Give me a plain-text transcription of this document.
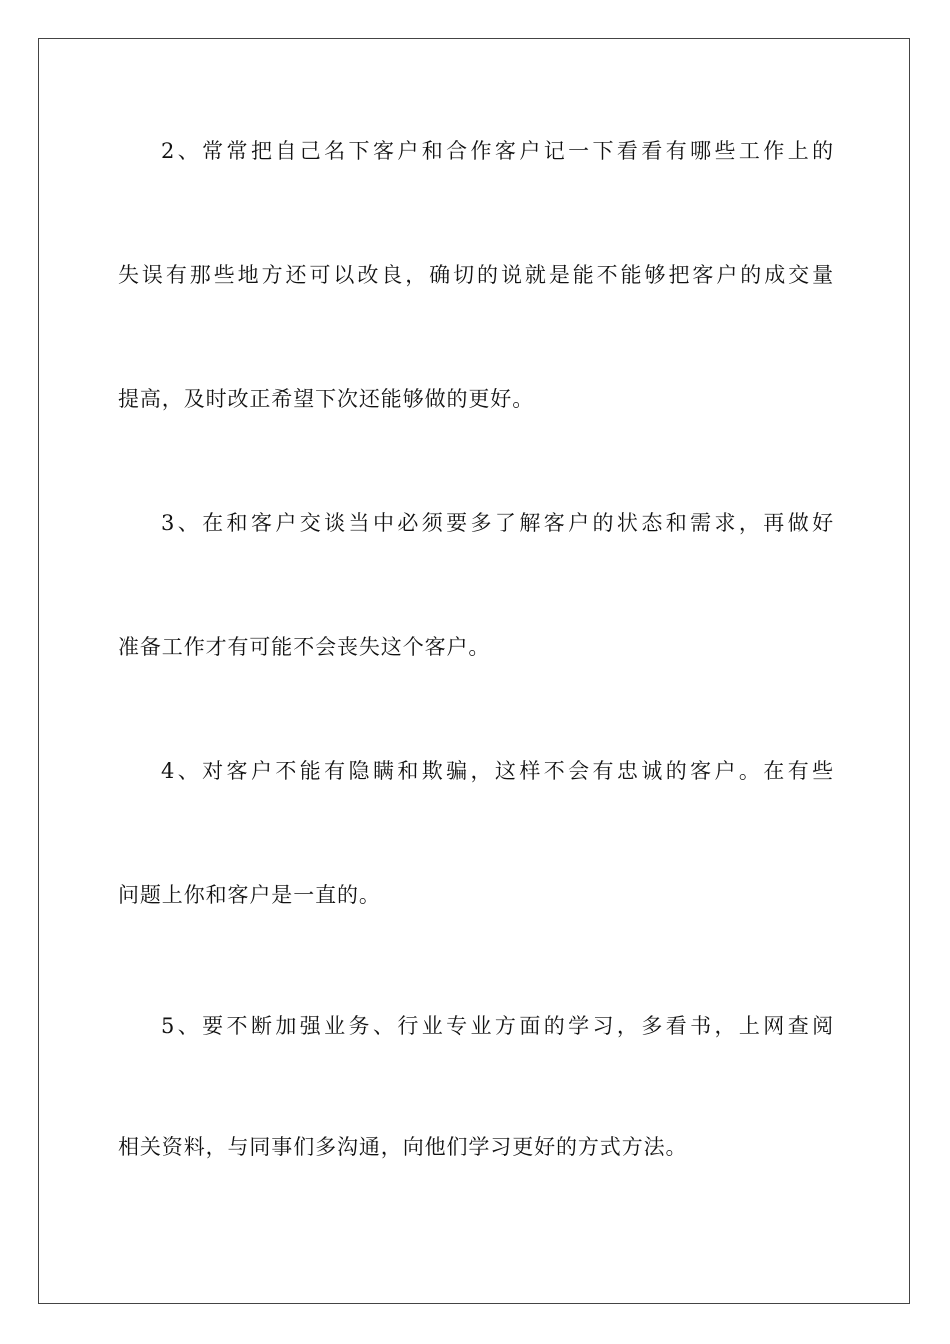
2、常常把自己名下客户和合作客户记一下看看有哪些工作上的
失误有那些地方还可以改良，确切的说就是能不能够把客户的成交量
提高，及时改正希望下次还能够做的更好。
3、在和客户交谈当中必须要多了解客户的状态和需求，再做好
准备工作才有可能不会丧失这个客户。
4、对客户不能有隐瞒和欺骗，这样不会有忠诚的客户。在有些
问题上你和客户是一直的。
5、要不断加强业务、行业专业方面的学习，多看书，上网查阅
相关资料，与同事们多沟通，向他们学习更好的方式方法。
